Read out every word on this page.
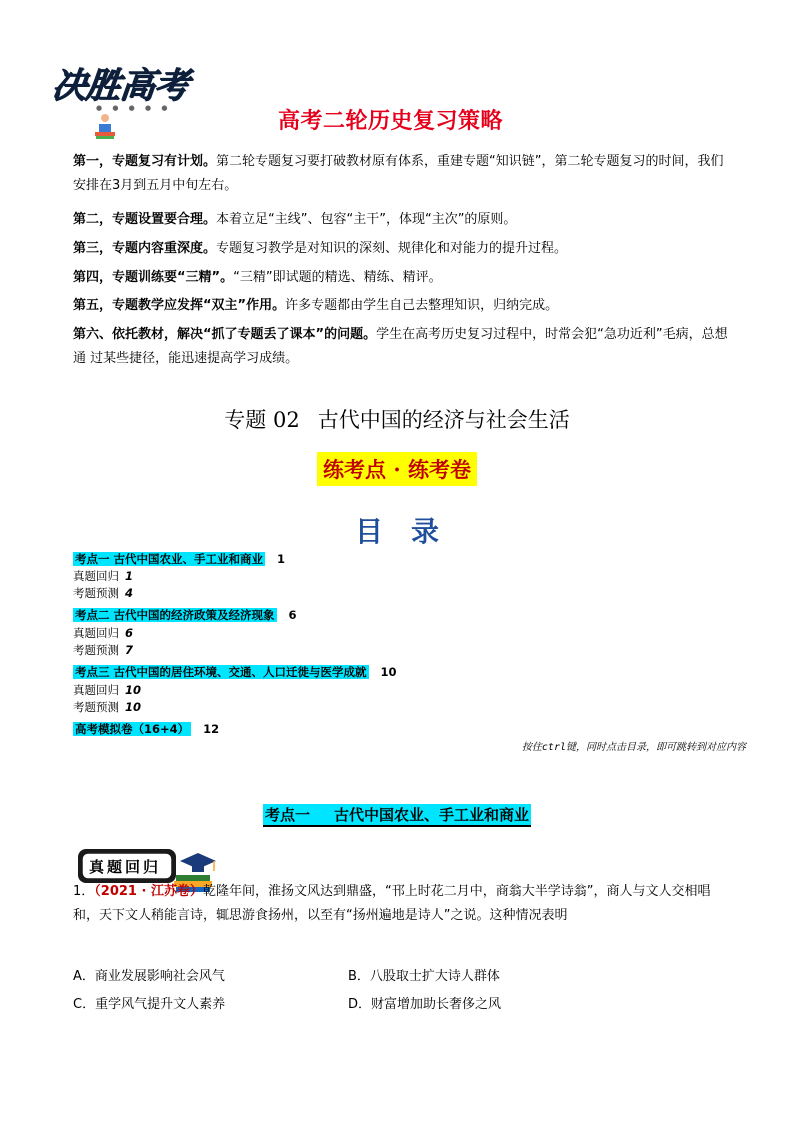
决胜高考
● ● ● ● ●
高考二轮历史复习策略
第一，专题复习有计划。第二轮专题复习要打破教材原有体系，重建专题“知识链”，第二轮专题复习的时间，我们安排在3月到五月中旬左右。
第二，专题设置要合理。本着立足“主线”、包容“主干”，体现“主次”的原则。
第三，专题内容重深度。专题复习教学是对知识的深刻、规律化和对能力的提升过程。
第四，专题训练要“三精”。“三精”即试题的精选、精练、精评。
第五，专题教学应发挥“双主”作用。许多专题都由学生自己去整理知识，归纳完成。
第六、依托教材，解决“抓了专题丢了课本”的问题。学生在高考历史复习过程中，时常会犯“急功近利”毛病，总想通 过某些捷径，能迅速提高学习成绩。
专题 02 古代中国的经济与社会生活
练考点 · 练考卷
目录
考点一 古代中国农业、手工业和商业 1
真题回归 1
考题预测 4
考点二 古代中国的经济政策及经济现象 6
真题回归 6
考题预测 7
考点三 古代中国的居住环境、交通、人口迁徙与医学成就 10
真题回归 10
考题预测 10
高考模拟卷（16+4） 12
按住ctrl键，同时点击目录，即可跳转到对应内容
考点一 古代中国农业、手工业和商业
真题回归
1．（2021 · 江苏卷）乾隆年间，淮扬文风达到鼎盛，“邗上时花二月中，商翁大半学诗翁”，商人与文人交相唱和，天下文人稍能言诗，辄思游食扬州，以至有“扬州遍地是诗人”之说。这种情况表明
A．商业发展影响社会风气	B．八股取士扩大诗人群体
C．重学风气提升文人素养	D．财富增加助长奢侈之风
